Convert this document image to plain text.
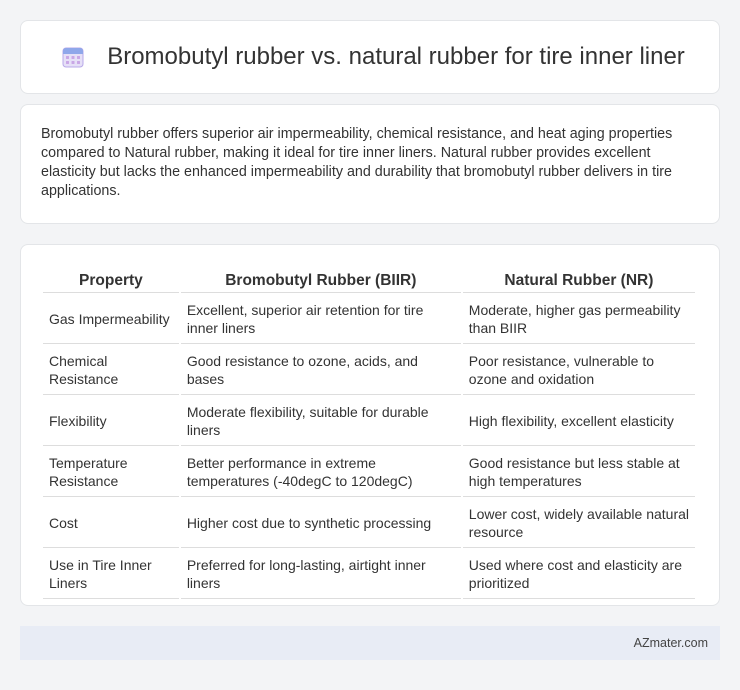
Bromobutyl rubber vs. natural rubber for tire inner liner

Bromobutyl rubber offers superior air impermeability, chemical resistance, and heat aging properties compared to Natural rubber, making it ideal for tire inner liners. Natural rubber provides excellent elasticity but lacks the enhanced impermeability and durability that bromobutyl rubber delivers in tire applications.

Property	Bromobutyl Rubber (BIIR)	Natural Rubber (NR)
Gas Impermeability	Excellent, superior air retention for tire inner liners	Moderate, higher gas permeability than BIIR
Chemical Resistance	Good resistance to ozone, acids, and bases	Poor resistance, vulnerable to ozone and oxidation
Flexibility	Moderate flexibility, suitable for durable liners	High flexibility, excellent elasticity
Temperature Resistance	Better performance in extreme temperatures (-40degC to 120degC)	Good resistance but less stable at high temperatures
Cost	Higher cost due to synthetic processing	Lower cost, widely available natural resource
Use in Tire Inner Liners	Preferred for long-lasting, airtight inner liners	Used where cost and elasticity are prioritized
AZmater.com
